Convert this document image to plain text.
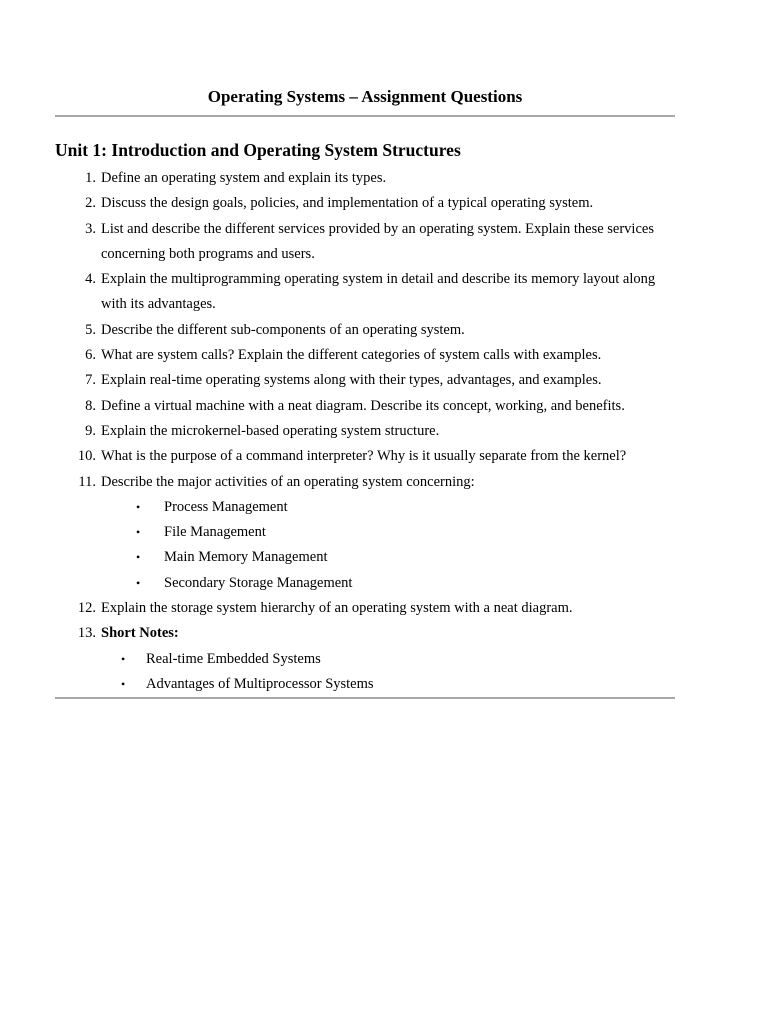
Operating Systems – Assignment Questions
Unit 1: Introduction and Operating System Structures
1. Define an operating system and explain its types.
2. Discuss the design goals, policies, and implementation of a typical operating system.
3. List and describe the different services provided by an operating system. Explain these services concerning both programs and users.
4. Explain the multiprogramming operating system in detail and describe its memory layout along with its advantages.
5. Describe the different sub-components of an operating system.
6. What are system calls? Explain the different categories of system calls with examples.
7. Explain real-time operating systems along with their types, advantages, and examples.
8. Define a virtual machine with a neat diagram. Describe its concept, working, and benefits.
9. Explain the microkernel-based operating system structure.
10. What is the purpose of a command interpreter? Why is it usually separate from the kernel?
11. Describe the major activities of an operating system concerning:
• Process Management
• File Management
• Main Memory Management
• Secondary Storage Management
12. Explain the storage system hierarchy of an operating system with a neat diagram.
13. Short Notes:
• Real-time Embedded Systems
• Advantages of Multiprocessor Systems
